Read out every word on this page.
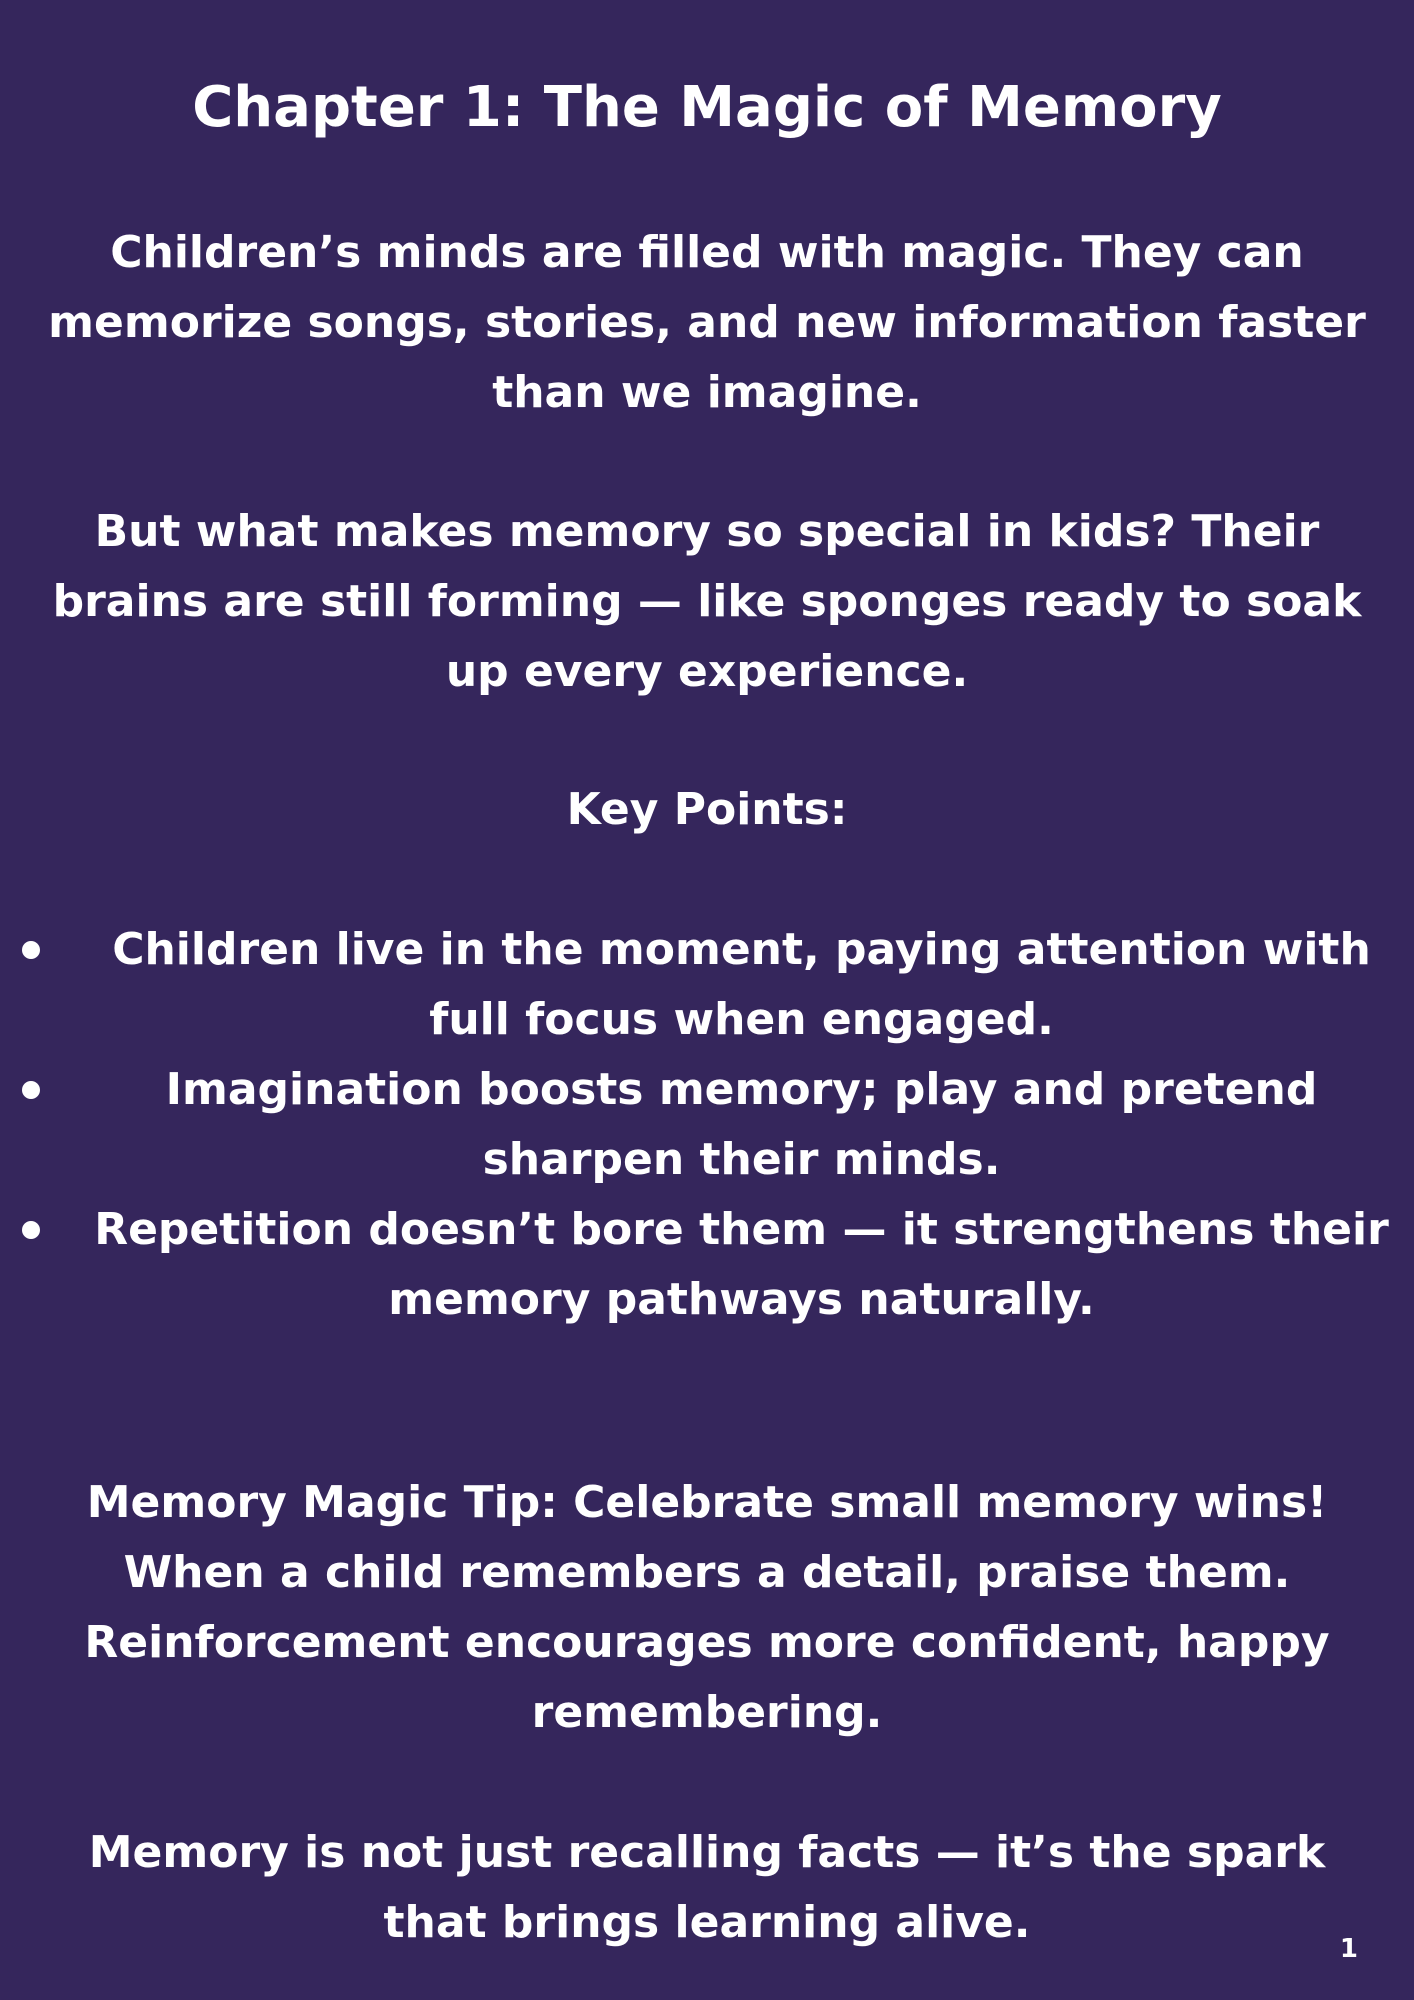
Chapter 1: The Magic of Memory

Children’s minds are filled with magic. They can memorize songs, stories, and new information faster than we imagine.

But what makes memory so special in kids? Their brains are still forming — like sponges ready to soak up every experience.

Key Points:

Children live in the moment, paying attention with full focus when engaged.
Imagination boosts memory; play and pretend sharpen their minds.
Repetition doesn’t bore them — it strengthens their memory pathways naturally.

Memory Magic Tip: Celebrate small memory wins! When a child remembers a detail, praise them. Reinforcement encourages more confident, happy remembering.

Memory is not just recalling facts — it’s the spark that brings learning alive.

1
